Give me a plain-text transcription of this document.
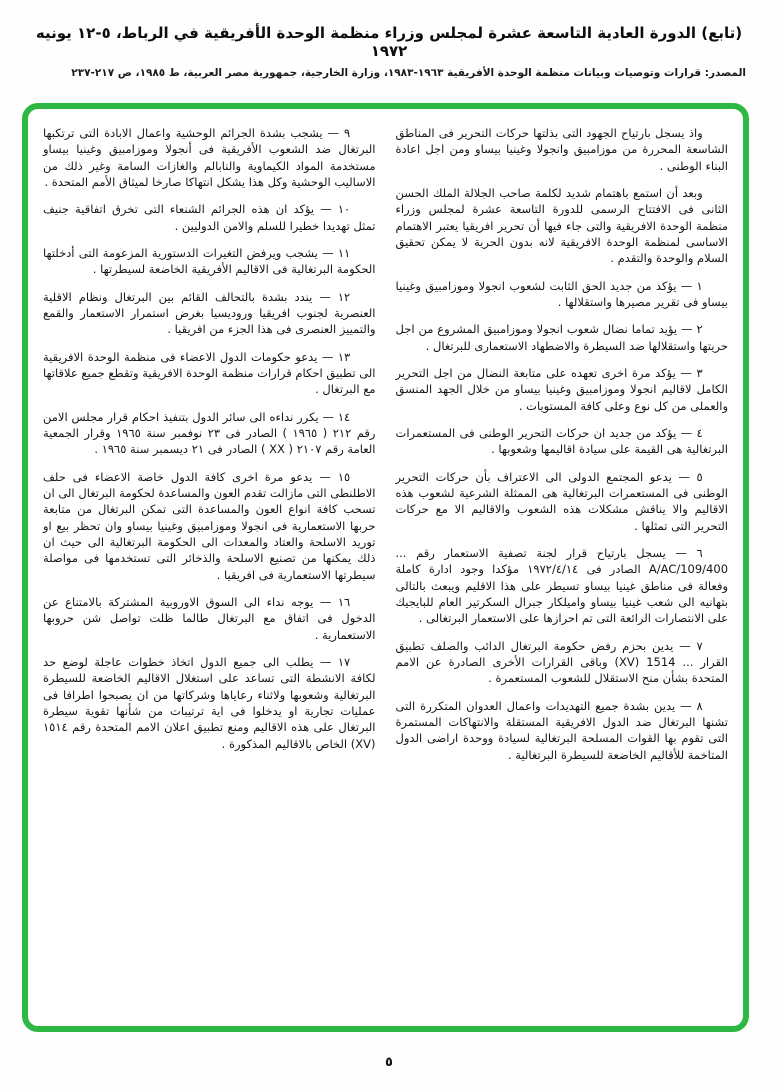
(تابع) الدورة العادية التاسعة عشرة لمجلس وزراء منظمة الوحدة الأفريقية في الرباط، ٥-١٢ يونيه ١٩٧٢
المصدر: قرارات وتوصيات وبيانات منظمة الوحدة الأفريقية ١٩٦٣-١٩٨٣، وزارة الخارجية، جمهورية مصر العربية، ط ١٩٨٥، ص ٢١٧-٢٣٧

واذ يسجل بارتياح الجهود التى بذلتها حركات التحرير فى المناطق الشاسعة المحررة من موزامبيق وانجولا وغينيا بيساو ومن اجل اعادة البناء الوطنى .

وبعد أن استمع باهتمام شديد لكلمة صاحب الجلالة الملك الحسن الثانى فى الافتتاح الرسمى للدورة التاسعة عشرة لمجلس وزراء منظمة الوحدة الافريقية والتى جاء فيها أن تحرير افريقيا يعتبر الاهتمام الاساسى لمنظمة الوحدة الافريقية لانه بدون الحرية لا يمكن تحقيق السلام والوحدة والتقدم .

١ — يؤكد من جديد الحق الثابت لشعوب انجولا وموزامبيق وغينيا بيساو فى تقرير مصيرها واستقلالها .

٢ — يؤيد تماما نضال شعوب انجولا وموزامبيق المشروع من اجل حريتها واستقلالها ضد السيطرة والاضطهاد الاستعمارى للبرتغال .

٣ — يؤكد مرة اخرى تعهده على متابعة النضال من اجل التحرير الكامل لاقاليم انجولا وموزامبيق وغينيا بيساو من خلال الجهد المنسق والعملى من كل نوع وعلى كافة المستويات .

٤ — يؤكد من جديد ان حركات التحرير الوطنى فى المستعمرات البرتغالية هى القيمة على سيادة اقاليمها وشعوبها .

٥ — يدعو المجتمع الدولى الى الاعتراف بأن حركات التحرير الوطنى فى المستعمرات البرتغالية هى الممثلة الشرعية لشعوب هذه الاقاليم والا يناقش مشكلات هذه الشعوب والاقاليم الا مع حركات التحرير التى تمثلها .

٦ — يسجل بارتياح قرار لجنة تصفية الاستعمار رقم ... A/AC/109/400 الصادر فى ١٩٧٢/٤/١٤ مؤكدا وجود ادارة كاملة وفعالة فى مناطق غينيا بيساو تسيطر على هذا الاقليم ويبعث بالتالى بتهانيه الى شعب غينيا بيساو واميلكار جبرال السكرتير العام للبايجيك على الانتصارات الرائعة التى تم احرازها على الاستعمار البرتغالى .

٧ — يدين بحزم رفض حكومة البرتغال الدائب والصلف تطبيق القرار ... 1514 (XV) وباقى القرارات الأخرى الصادرة عن الامم المتحدة بشأن منح الاستقلال للشعوب المستعمرة .

٨ — يدين بشدة جميع التهديدات واعمال العدوان المتكررة التى تشنها البرتغال ضد الدول الافريقية المستقلة والانتهاكات المستمرة التى تقوم بها القوات المسلحة البرتغالية لسيادة ووحدة اراضى الدول المتاخمة للأقاليم الخاضعة للسيطرة البرتغالية .

٩ — يشجب بشدة الجرائم الوحشية واعمال الابادة التى ترتكبها البرتغال ضد الشعوب الأفريقية فى أنجولا وموزامبيق وغينيا بيساو مستخدمة المواد الكيماوية والنابالم والغازات السامة وغير ذلك من الاساليب الوحشية وكل هذا يشكل انتهاكا صارخا لميثاق الأمم المتحدة .

١٠ — يؤكد ان هذه الجرائم الشنعاء التى تخرق اتفاقية جنيف تمثل تهديدا خطيرا للسلم والامن الدوليين .

١١ — يشجب ويرفض التغيرات الدستورية المزعومة التى أدخلتها الحكومة البرتغالية فى الاقاليم الأفريقية الخاضعة لسيطرتها .

١٢ — يندد بشدة بالتحالف القائم بين البرتغال ونظام الاقلية العنصرية لجنوب افريقيا وروديسيا بغرض استمرار الاستعمار والقمع والتمييز العنصرى فى هذا الجزء من افريقيا .

١٣ — يدعو حكومات الدول الاعضاء فى منظمة الوحدة الافريقية الى تطبيق احكام قرارات منظمة الوحدة الافريقية وتقطع جميع علاقاتها مع البرتغال .

١٤ — يكرر نداءه الى سائر الدول بتنفيذ احكام قرار مجلس الامن رقم ٢١٢ ( ١٩٦٥ ) الصادر فى ٢٣ نوفمبر سنة ١٩٦٥ وقرار الجمعية العامة رقم ٢١٠٧ ( XX ) الصادر فى ٢١ ديسمبر سنة ١٩٦٥ .

١٥ — يدعو مرة اخرى كافة الدول خاصة الاعضاء فى حلف الاطلنطى التى مازالت تقدم العون والمساعدة لحكومة البرتغال الى ان تسحب كافة انواع العون والمساعدة التى تمكن البرتغال من متابعة حربها الاستعمارية فى انجولا وموزامبيق وغينيا بيساو وان تحظر بيع او توريد الاسلحة والعتاد والمعدات الى الحكومة البرتغالية الى حيث ان ذلك يمكنها من تصنيع الاسلحة والذخائر التى تستخدمها فى مواصلة سيطرتها الاستعمارية فى افريقيا .

١٦ — يوجه نداء الى السوق الاوروبية المشتركة بالامتناع عن الدخول فى اتفاق مع البرتغال طالما ظلت تواصل شن حروبها الاستعمارية .

١٧ — يطلب الى جميع الدول اتخاذ خطوات عاجلة لوضع حد لكافة الانشطة التى تساعد على استغلال الاقاليم الخاضعة للسيطرة البرتغالية وشعوبها ولاثناء رعاياها وشركاتها من ان يصبحوا اطرافا فى عمليات تجارية او يدخلوا فى اية ترتيبات من شأنها تقوية سيطرة البرتغال على هذه الاقاليم ومنع تطبيق اعلان الامم المتحدة رقم ١٥١٤ (XV) الخاص بالاقاليم المذكورة .

٥
